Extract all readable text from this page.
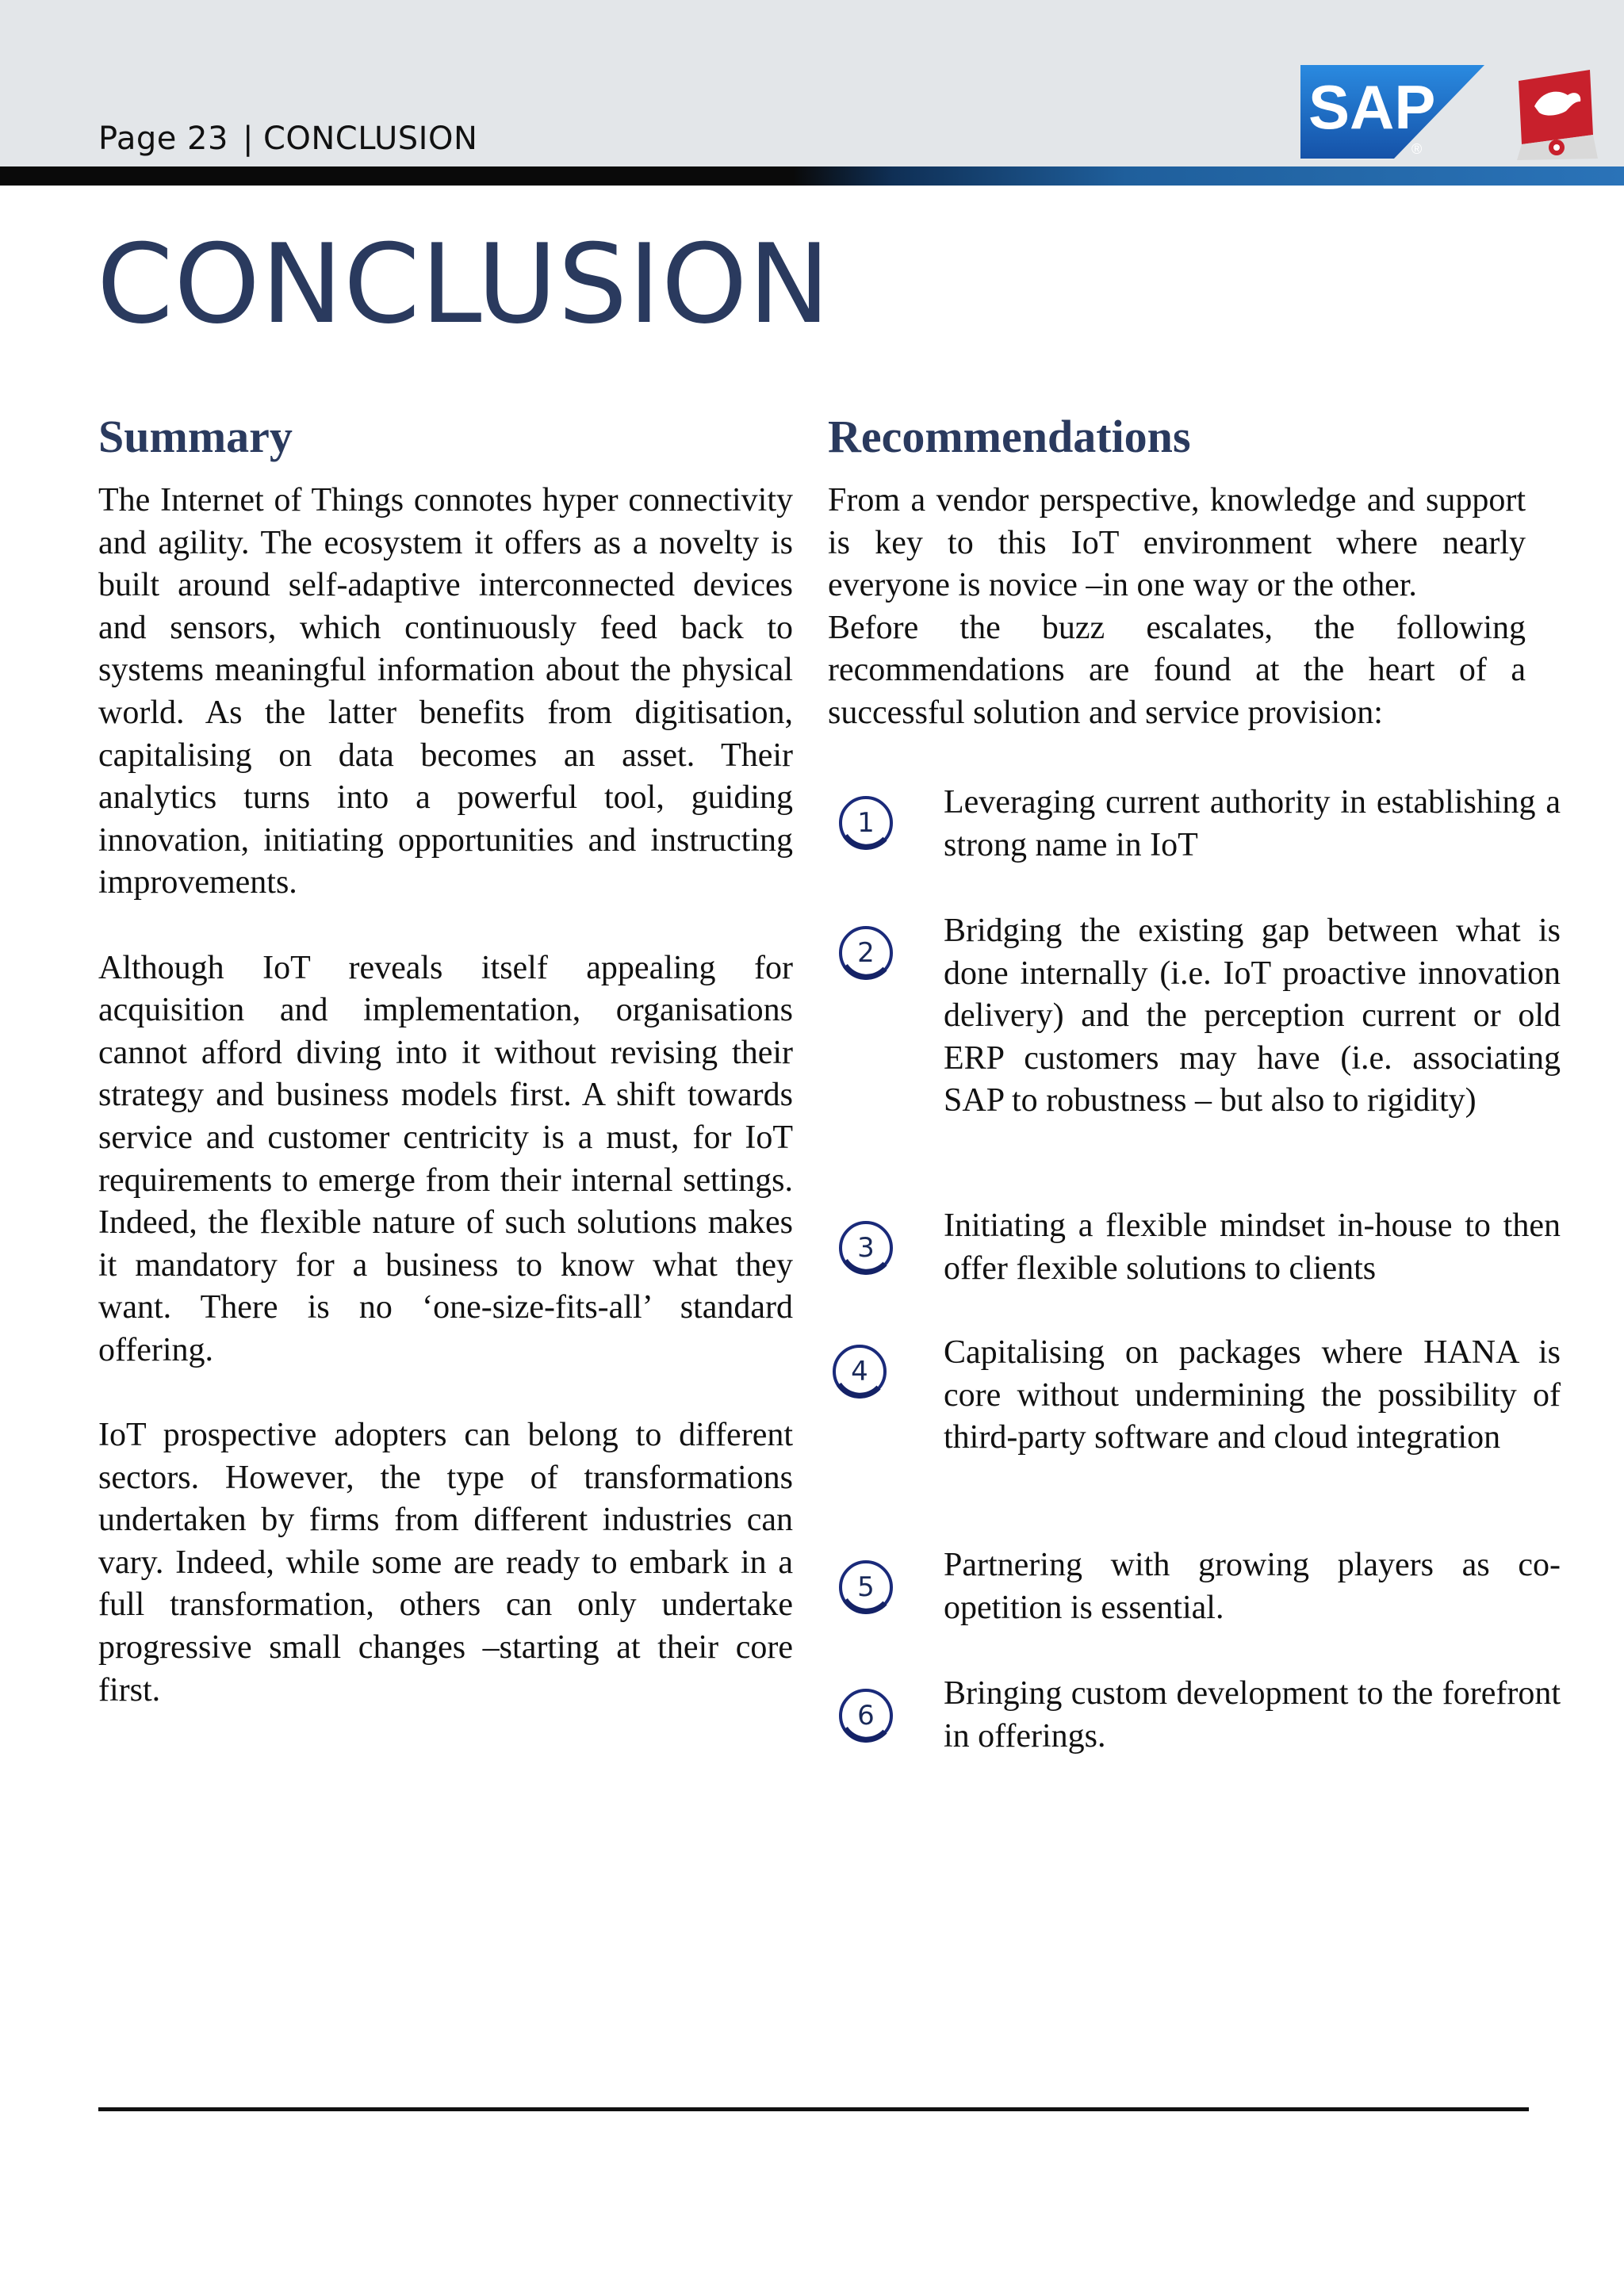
Page 23 | CONCLUSION	SAP
®
CONCLUSION
Summary

The Internet of Things connotes hyper connectivity and agility. The ecosystem it offers as a novelty is built around self-adaptive interconnected devices and sensors, which continuously feed back to systems meaningful information about the physical world. As the latter benefits from digitisation, capitalising on data becomes an asset. Their analytics turns into a powerful tool, guiding innovation, initiating opportunities and instructing improvements.

Although IoT reveals itself appealing for acquisition and implementation, organisations cannot afford diving into it without revising their strategy and business models first. A shift towards service and customer centricity is a must, for IoT requirements to emerge from their internal settings. Indeed, the flexible nature of such solutions makes it mandatory for a business to know what they want. There is no ‘one-size-fits-all’ standard offering.

IoT prospective adopters can belong to different sectors. However, the type of transformations undertaken by firms from different industries can vary. Indeed, while some are ready to embark in a full transformation, others can only undertake progressive small changes –starting at their core first.

Recommendations

From a vendor perspective, knowledge and support is key to this IoT environment where nearly everyone is novice –in one way or the other.

Before the buzz escalates, the following recommendations are found at the heart of a successful solution and service provision:

1

Leveraging current authority in establishing a strong name in IoT

2

Bridging the existing gap between what is done internally (i.e. IoT proactive innovation delivery) and the perception current or old ERP customers may have (i.e. associating SAP to robustness – but also to rigidity)

3

Initiating a flexible mindset in-house to then offer flexible solutions to clients

4

Capitalising on packages where HANA is core without undermining the possibility of third-party software and cloud integration

5

Partnering with growing players as co-opetition is essential.

6

Bringing custom development to the forefront in offerings.
